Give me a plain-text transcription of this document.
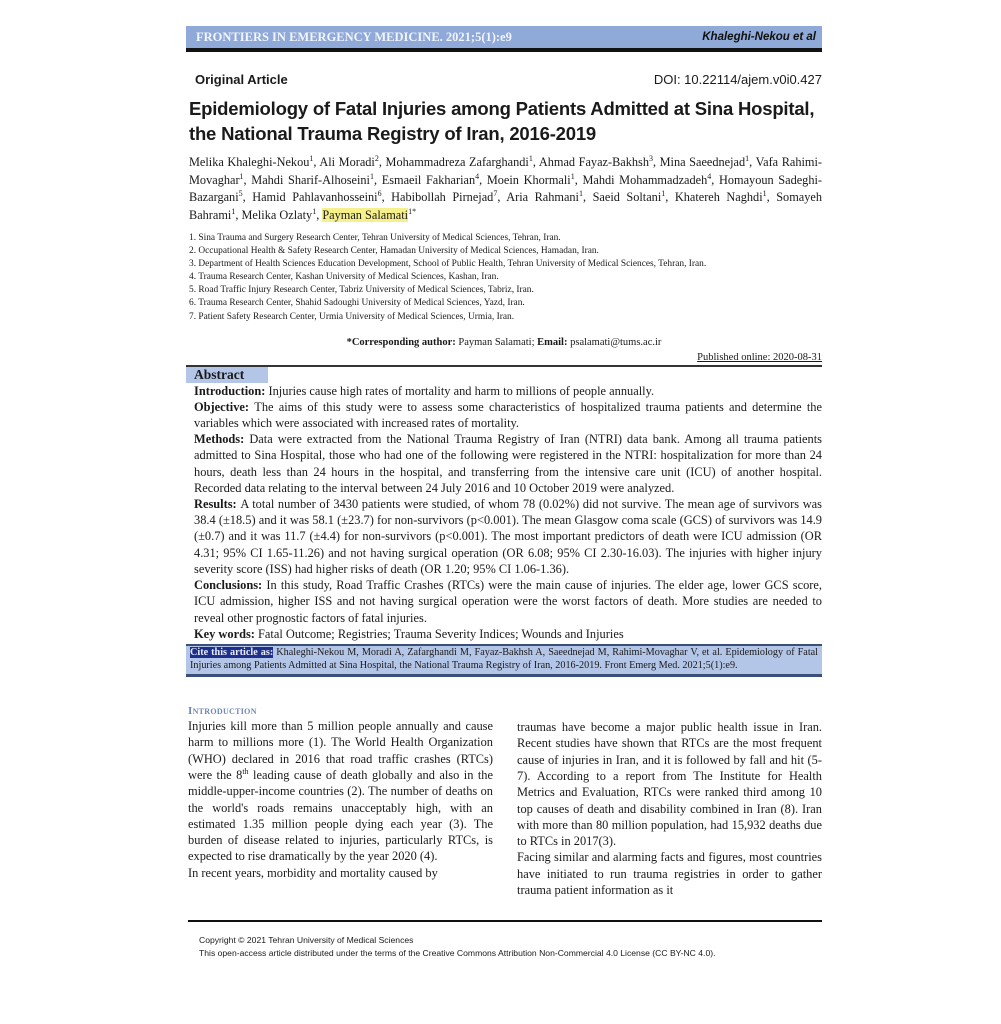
FRONTIERS IN EMERGENCY MEDICINE. 2021;5(1):e9	Khaleghi-Nekou et al
Original Article	DOI: 10.22114/ajem.v0i0.427
Epidemiology of Fatal Injuries among Patients Admitted at Sina Hospital, the National Trauma Registry of Iran, 2016-2019
Melika Khaleghi-Nekou$^1$, Ali Moradi$^2$, Mohammadreza Zafarghandi$^1$, Ahmad Fayaz-Bakhsh$^3$, Mina Saeednejad$^1$, Vafa Rahimi-Movaghar$^1$, Mahdi Sharif-Alhoseini$^1$, Esmaeil Fakharian$^4$, Moein Khormali$^1$, Mahdi Mohammadzadeh$^4$, Homayoun Sadeghi-Bazargani$^5$, Hamid Pahlavanhosseini$^6$, Habibollah Pirnejad$^7$, Aria Rahmani$^1$, Saeid Soltani$^1$, Khatereh Naghdi$^1$, Somayeh Bahrami$^1$, Melika Ozlaty$^1$, Payman Salamati$^{1*}$
1. Sina Trauma and Surgery Research Center, Tehran University of Medical Sciences, Tehran, Iran.
2. Occupational Health & Safety Research Center, Hamadan University of Medical Sciences, Hamadan, Iran.
3. Department of Health Sciences Education Development, School of Public Health, Tehran University of Medical Sciences, Tehran, Iran.
4. Trauma Research Center, Kashan University of Medical Sciences, Kashan, Iran.
5. Road Traffic Injury Research Center, Tabriz University of Medical Sciences, Tabriz, Iran.
6. Trauma Research Center, Shahid Sadoughi University of Medical Sciences, Yazd, Iran.
7. Patient Safety Research Center, Urmia University of Medical Sciences, Urmia, Iran.
*Corresponding author: Payman Salamati; Email: psalamati@tums.ac.ir
Published online: 2020-08-31
Abstract

Introduction: Injuries cause high rates of mortality and harm to millions of people annually.

Objective: The aims of this study were to assess some characteristics of hospitalized trauma patients and determine the variables which were associated with increased rates of mortality.

Methods: Data were extracted from the National Trauma Registry of Iran (NTRI) data bank. Among all trauma patients admitted to Sina Hospital, those who had one of the following were registered in the NTRI: hospitalization for more than 24 hours, death less than 24 hours in the hospital, and transferring from the intensive care unit (ICU) of another hospital. Recorded data relating to the interval between 24 July 2016 and 10 October 2019 were analyzed.

Results: A total number of 3430 patients were studied, of whom 78 (0.02%) did not survive. The mean age of survivors was 38.4 (±18.5) and it was 58.1 (±23.7) for non-survivors (p<0.001). The mean Glasgow coma scale (GCS) of survivors was 14.9 (±0.7) and it was 11.7 (±4.4) for non-survivors (p<0.001). The most important predictors of death were ICU admission (OR 4.31; 95% CI 1.65-11.26) and not having surgical operation (OR 6.08; 95% CI 2.30-16.03). The injuries with higher injury severity score (ISS) had higher risks of death (OR 1.20; 95% CI 1.06-1.36).

Conclusions: In this study, Road Traffic Crashes (RTCs) were the main cause of injuries. The elder age, lower GCS score, ICU admission, higher ISS and not having surgical operation were the worst factors of death. More studies are needed to reveal other prognostic factors of fatal injuries.

Key words: Fatal Outcome; Registries; Trauma Severity Indices; Wounds and Injuries

Cite this article as: Khaleghi-Nekou M, Moradi A, Zafarghandi M, Fayaz-Bakhsh A, Saeednejad M, Rahimi-Movaghar V, et al. Epidemiology of Fatal Injuries among Patients Admitted at Sina Hospital, the National Trauma Registry of Iran, 2016-2019. Front Emerg Med. 2021;5(1):e9.
Introduction

Injuries kill more than 5 million people annually and cause harm to millions more (1). The World Health Organization (WHO) declared in 2016 that road traffic crashes (RTCs) were the 8th leading cause of death globally and also in the middle-upper-income countries (2). The number of deaths on the world's roads remains unacceptably high, with an estimated 1.35 million people dying each year (3). The burden of disease related to injuries, particularly RTCs, is expected to rise dramatically by the year 2020 (4).

In recent years, morbidity and mortality caused by

traumas have become a major public health issue in Iran. Recent studies have shown that RTCs are the most frequent cause of injuries in Iran, and it is followed by fall and hit (5-7). According to a report from The Institute for Health Metrics and Evaluation, RTCs were ranked third among 10 top causes of death and disability combined in Iran (8). Iran with more than 80 million population, had 15,932 deaths due to RTCs in 2017(3).

Facing similar and alarming facts and figures, most countries have initiated to run trauma registries in order to gather trauma patient information as it

Copyright © 2021 Tehran University of Medical Sciences
This open-access article distributed under the terms of the Creative Commons Attribution Non-Commercial 4.0 License (CC BY-NC 4.0).
